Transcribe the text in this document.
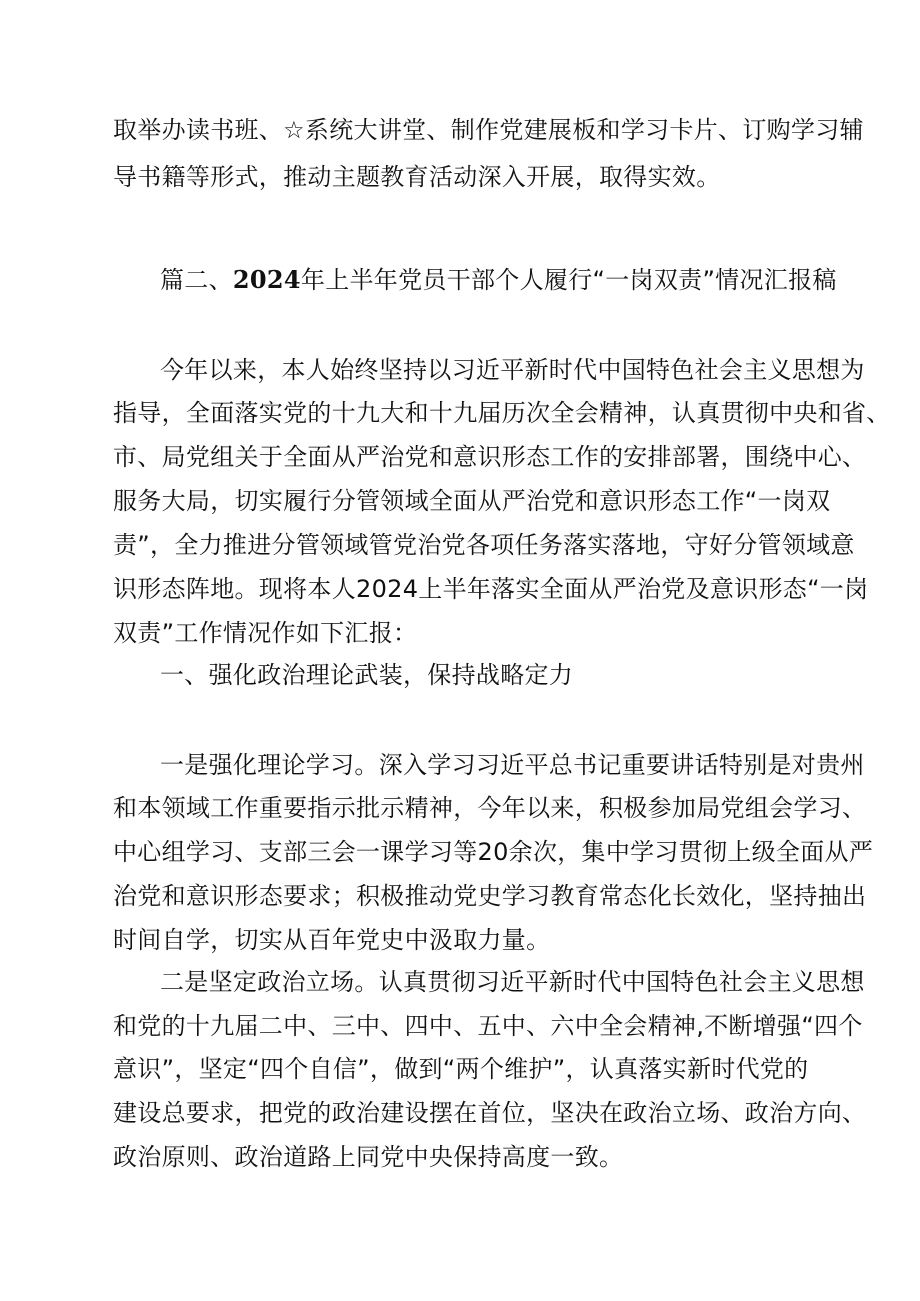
取举办读书班、☆系统大讲堂、制作党建展板和学习卡片、订购学习辅
导书籍等形式，推动主题教育活动深入开展，取得实效。
篇二、2024年上半年党员干部个人履行“一岗双责”情况汇报稿
今年以来，本人始终坚持以习近平新时代中国特色社会主义思想为
指导，全面落实党的十九大和十九届历次全会精神，认真贯彻中央和省、
市、局党组关于全面从严治党和意识形态工作的安排部署，围绕中心、
服务大局，切实履行分管领域全面从严治党和意识形态工作“一岗双
责”，全力推进分管领域管党治党各项任务落实落地，守好分管领域意
识形态阵地。现将本人2024上半年落实全面从严治党及意识形态“一岗
双责”工作情况作如下汇报：
一、强化政治理论武装，保持战略定力
一是强化理论学习。深入学习习近平总书记重要讲话特别是对贵州
和本领域工作重要指示批示精神，今年以来，积极参加局党组会学习、
中心组学习、支部三会一课学习等20余次，集中学习贯彻上级全面从严
治党和意识形态要求；积极推动党史学习教育常态化长效化，坚持抽出
时间自学，切实从百年党史中汲取力量。
二是坚定政治立场。认真贯彻习近平新时代中国特色社会主义思想
和党的十九届二中、三中、四中、五中、六中全会精神,不断增强“四个
意识”，坚定“四个自信”，做到“两个维护”，认真落实新时代党的
建设总要求，把党的政治建设摆在首位，坚决在政治立场、政治方向、
政治原则、政治道路上同党中央保持高度一致。
